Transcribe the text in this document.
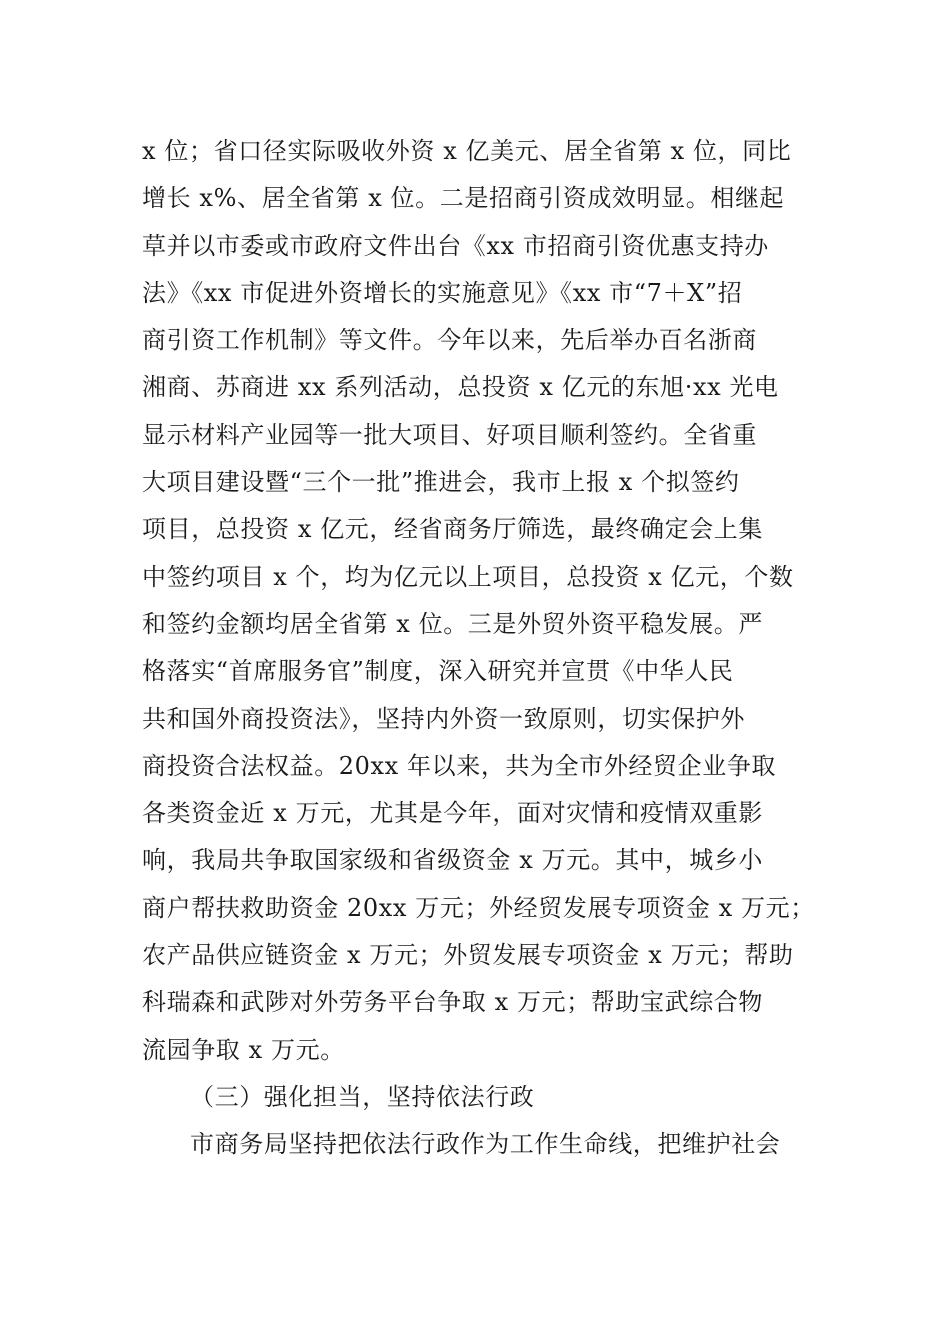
x 位；省口径实际吸收外资 x 亿美元、居全省第 x 位，同比
增长 x%、居全省第 x 位。二是招商引资成效明显。相继起
草并以市委或市政府文件出台《xx 市招商引资优惠支持办
法》《xx 市促进外资增长的实施意见》《xx 市“7＋X”招
商引资工作机制》等文件。今年以来，先后举办百名浙商
湘商、苏商进 xx 系列活动，总投资 x 亿元的东旭·xx 光电
显示材料产业园等一批大项目、好项目顺利签约。全省重
大项目建设暨“三个一批”推进会，我市上报 x 个拟签约
项目，总投资 x 亿元，经省商务厅筛选，最终确定会上集
中签约项目 x 个，均为亿元以上项目，总投资 x 亿元，个数
和签约金额均居全省第 x 位。三是外贸外资平稳发展。严
格落实“首席服务官”制度，深入研究并宣贯《中华人民
共和国外商投资法》，坚持内外资一致原则，切实保护外
商投资合法权益。20xx 年以来，共为全市外经贸企业争取
各类资金近 x 万元，尤其是今年，面对灾情和疫情双重影
响，我局共争取国家级和省级资金 x 万元。其中，城乡小
商户帮扶救助资金 20xx 万元；外经贸发展专项资金 x 万元；
农产品供应链资金 x 万元；外贸发展专项资金 x 万元；帮助
科瑞森和武陟对外劳务平台争取 x 万元；帮助宝武综合物
流园争取 x 万元。
（三）强化担当，坚持依法行政
市商务局坚持把依法行政作为工作生命线，把维护社会
